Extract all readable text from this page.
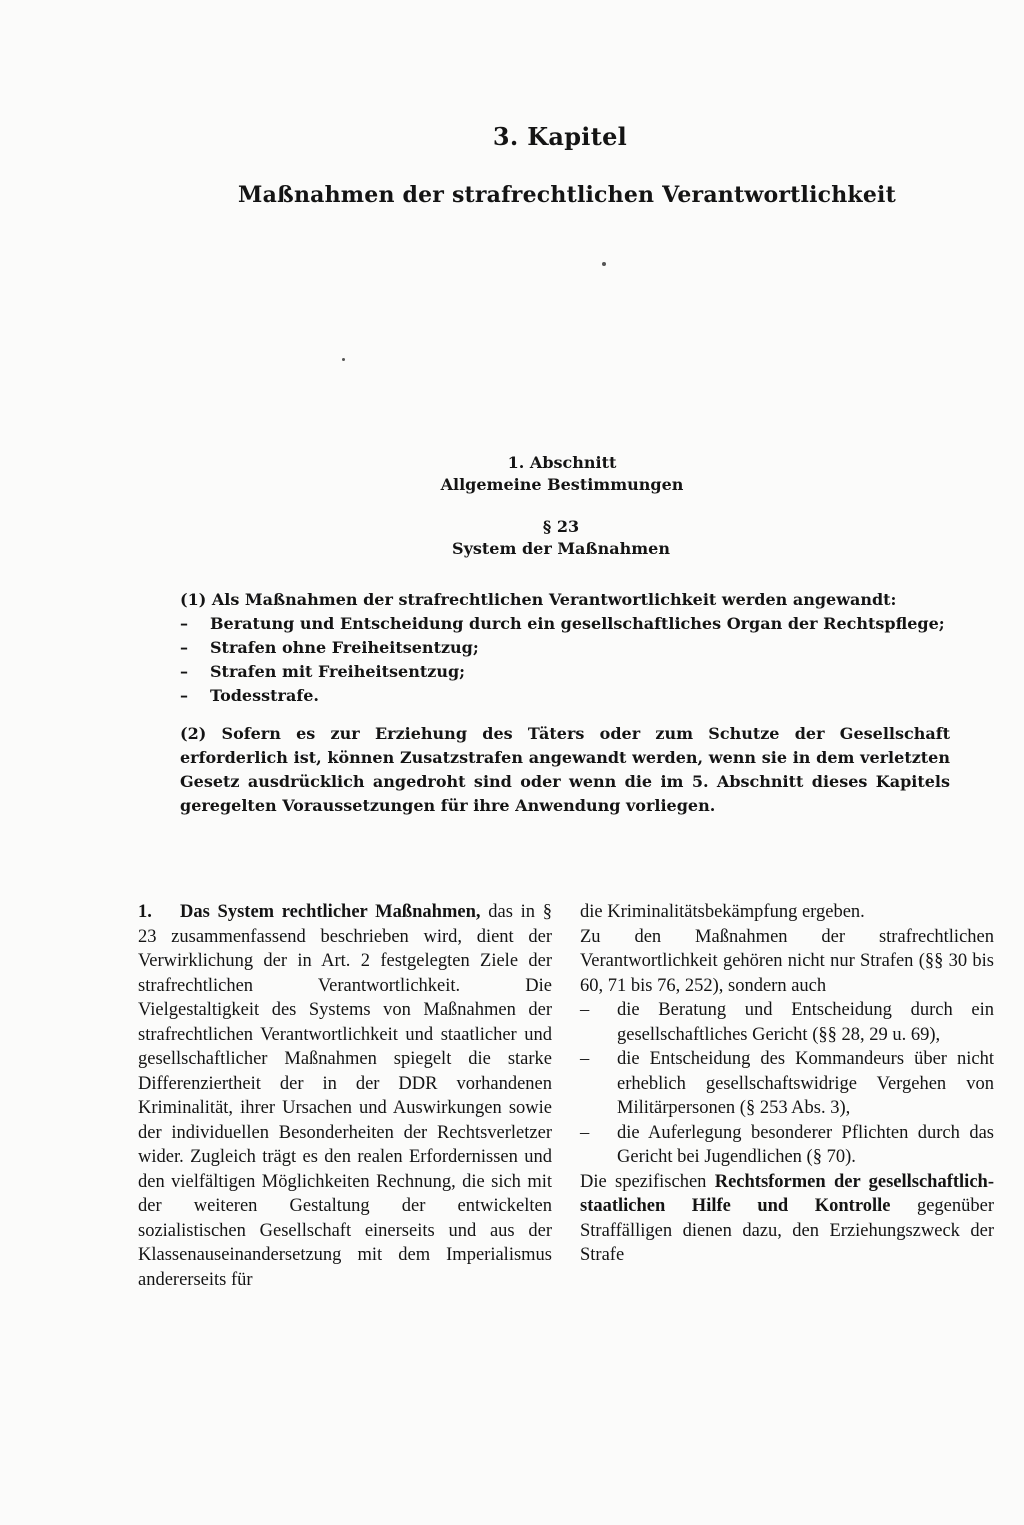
3. Kapitel
Maßnahmen der strafrechtlichen Verantwortlichkeit
1. Abschnitt
Allgemeine Bestimmungen
§ 23
System der Maßnahmen

(1) Als Maßnahmen der strafrechtlichen Verantwortlichkeit werden angewandt:

– Beratung und Entscheidung durch ein gesellschaftliches Organ der Rechtspflege;
– Strafen ohne Freiheitsentzug;
– Strafen mit Freiheitsentzug;
– Todesstrafe.

(2) Sofern es zur Erziehung des Täters oder zum Schutze der Gesellschaft erforderlich ist, können Zusatzstrafen angewandt werden, wenn sie in dem verletzten Gesetz ausdrücklich angedroht sind oder wenn die im 5. Abschnitt dieses Kapitels geregelten Voraussetzungen für ihre Anwendung vorliegen.

1. Das System rechtlicher Maßnahmen, das in § 23 zusammenfassend beschrieben wird, dient der Verwirklichung der in Art. 2 festgelegten Ziele der strafrechtlichen Verantwortlichkeit. Die Vielgestaltigkeit des Systems von Maßnahmen der strafrechtlichen Verantwortlichkeit und staatlicher und gesellschaftlicher Maßnahmen spiegelt die starke Differenziertheit der in der DDR vorhandenen Kriminalität, ihrer Ursachen und Auswirkungen sowie der individuellen Besonderheiten der Rechtsverletzer wider. Zugleich trägt es den realen Erfordernissen und den vielfältigen Möglichkeiten Rechnung, die sich mit der weiteren Gestaltung der entwickelten sozialistischen Gesellschaft einerseits und aus der Klassenauseinandersetzung mit dem Imperialismus andererseits für

die Kriminalitätsbekämpfung ergeben.

Zu den Maßnahmen der strafrechtlichen Verantwortlichkeit gehören nicht nur Strafen (§§ 30 bis 60, 71 bis 76, 252), sondern auch

– die Beratung und Entscheidung durch ein gesellschaftliches Gericht (§§ 28, 29 u. 69),
– die Entscheidung des Kommandeurs über nicht erheblich gesellschaftswidrige Vergehen von Militärpersonen (§ 253 Abs. 3),
– die Auferlegung besonderer Pflichten durch das Gericht bei Jugendlichen (§ 70).

Die spezifischen Rechtsformen der gesellschaftlich-staatlichen Hilfe und Kontrolle gegenüber Straffälligen dienen dazu, den Erziehungszweck der Strafe
